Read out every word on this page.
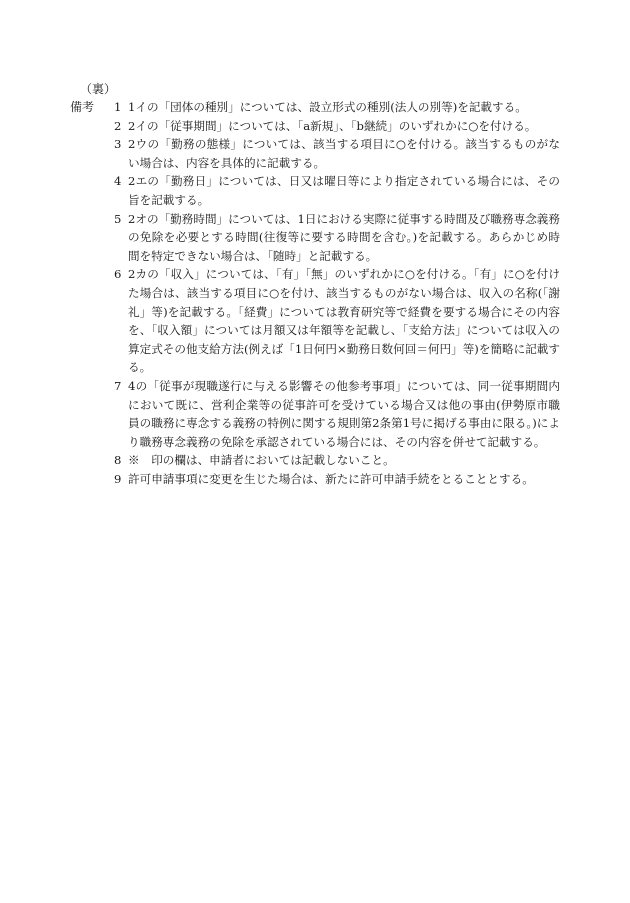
（裏）
備考 1 1イの「団体の種別」については、設立形式の種別(法人の別等)を記載する。
2 2イの「従事期間」については、「a新規」、「b継続」のいずれかに○を付ける。
3 2ウの「勤務の態様」については、該当する項目に○を付ける。該当するものがない場合は、内容を具体的に記載する。
4 2エの「勤務日」については、日又は曜日等により指定されている場合には、その旨を記載する。
5 2オの「勤務時間」については、1日における実際に従事する時間及び職務専念義務の免除を必要とする時間(往復等に要する時間を含む。)を記載する。あらかじめ時間を特定できない場合は、「随時」と記載する。
6 2カの「収入」については、「有」「無」のいずれかに○を付ける。「有」に○を付けた場合は、該当する項目に○を付け、該当するものがない場合は、収入の名称(「謝礼」等)を記載する。「経費」については教育研究等で経費を要する場合にその内容を、「収入額」については月額又は年額等を記載し、「支給方法」については収入の算定式その他支給方法(例えば「1日何円×勤務日数何回＝何円」等)を簡略に記載する。
7 4の「従事が現職遂行に与える影響その他参考事項」については、同一従事期間内において既に、営利企業等の従事許可を受けている場合又は他の事由(伊勢原市職員の職務に専念する義務の特例に関する規則第2条第1号に掲げる事由に限る。)により職務専念義務の免除を承認されている場合には、その内容を併せて記載する。
8 ※　印の欄は、申請者においては記載しないこと。
9 許可申請事項に変更を生じた場合は、新たに許可申請手続をとることとする。
